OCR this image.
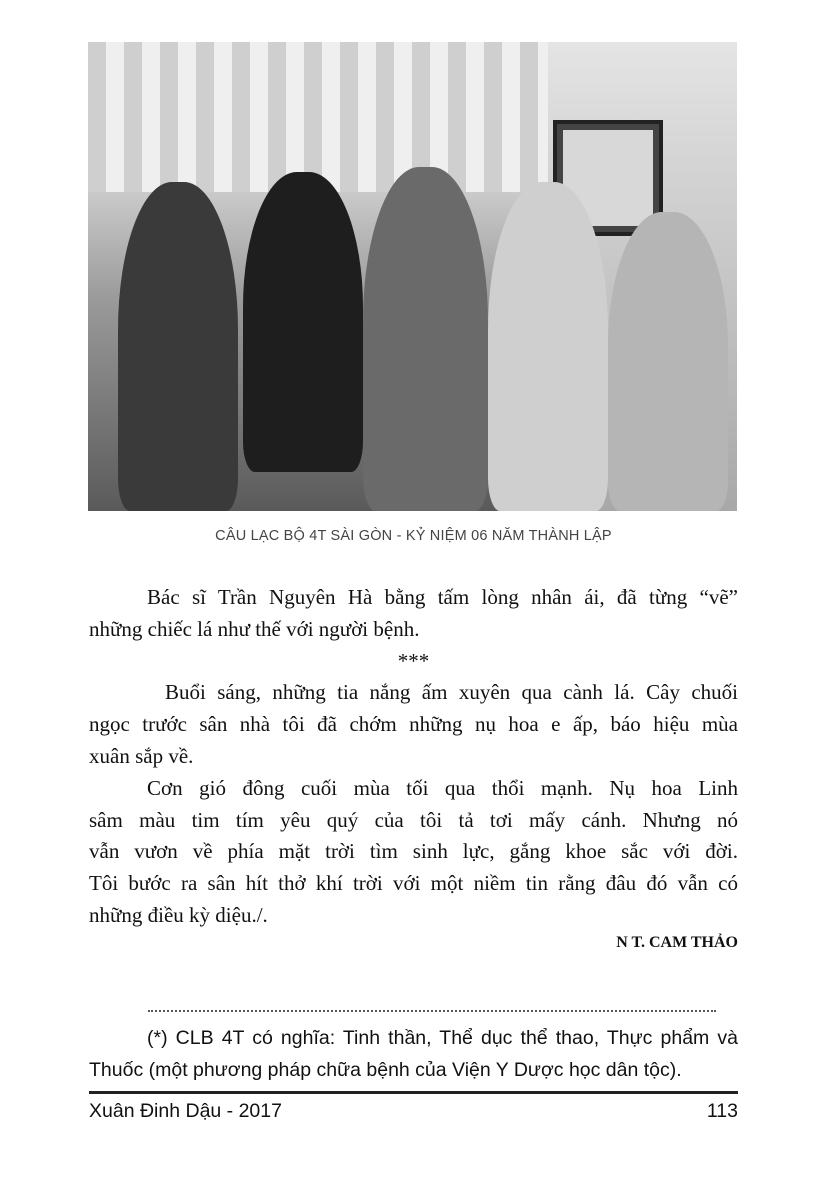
CÂU LẠC BỘ 4T SÀI GÒN - KỶ NIỆM 06 NĂM THÀNH LẬP
Bác sĩ Trần Nguyên Hà bằng tấm lòng nhân ái, đã từng “vẽ”
những chiếc lá như thế với người bệnh.
***
Buổi sáng, những tia nắng ấm xuyên qua cành lá. Cây chuối
ngọc trước sân nhà tôi đã chớm những nụ hoa e ấp, báo hiệu mùa
xuân sắp về.
Cơn gió đông cuối mùa tối qua thổi mạnh. Nụ hoa Linh
sâm màu tim tím yêu quý của tôi tả tơi mấy cánh. Nhưng nó
vẫn vươn về phía mặt trời tìm sinh lực, gắng khoe sắc với đời.
Tôi bước ra sân hít thở khí trời với một niềm tin rằng đâu đó vẫn có
những điều kỳ diệu./.
N T. CAM THẢO
(*) CLB 4T có nghĩa: Tinh thần, Thể dục thể thao, Thực phẩm và
Thuốc (một phương pháp chữa bệnh của Viện Y Dược học dân tộc).
Xuân Đinh Dậu - 2017	113
